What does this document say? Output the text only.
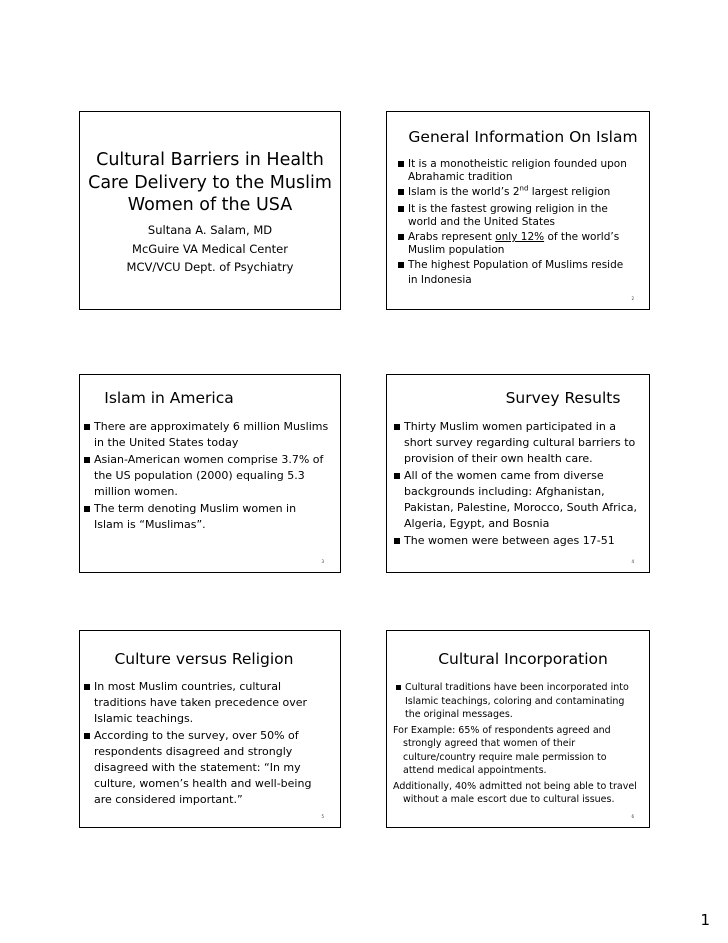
Cultural Barriers in Health
Care Delivery to the Muslim
Women of the USA
Sultana A. Salam, MD
McGuire VA Medical Center
MCV/VCU Dept. of Psychiatry
General Information On Islam
It is a monotheistic religion founded upon
Abrahamic tradition
Islam is the world’s 2nd largest religion
It is the fastest growing religion in the
world and the United States
Arabs represent only 12% of the world’s
Muslim population
The highest Population of Muslims reside
in Indonesia
2
Islam in America
There are approximately 6 million Muslims
in the United States today
Asian-American women comprise 3.7% of
the US population (2000) equaling 5.3
million women.
The term denoting Muslim women in
Islam is “Muslimas”.
3
Survey Results
Thirty Muslim women participated in a
short survey regarding cultural barriers to
provision of their own health care.
All of the women came from diverse
backgrounds including: Afghanistan,
Pakistan, Palestine, Morocco, South Africa,
Algeria, Egypt, and Bosnia
The women were between ages 17-51
4
Culture versus Religion
In most Muslim countries, cultural
traditions have taken precedence over
Islamic teachings.
According to the survey, over 50% of
respondents disagreed and strongly
disagreed with the statement: “In my
culture, women’s health and well-being
are considered important.”
5
Cultural Incorporation
Cultural traditions have been incorporated into
Islamic teachings, coloring and contaminating
the original messages.
For Example: 65% of respondents agreed and
strongly agreed that women of their
culture/country require male permission to
attend medical appointments.
Additionally, 40% admitted not being able to travel
without a male escort due to cultural issues.
6
1
